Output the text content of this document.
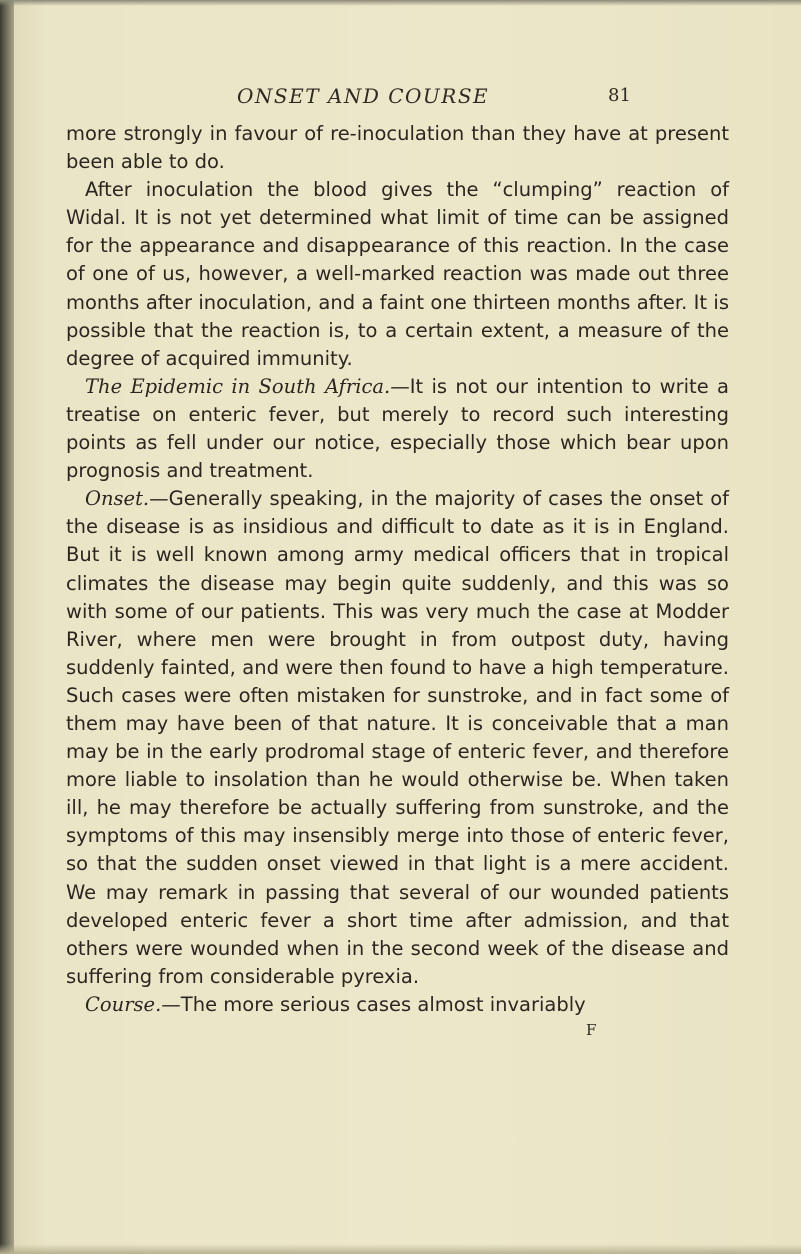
ONSET AND COURSE	81

more strongly in favour of re-inoculation than they have at present been able to do.

After inoculation the blood gives the “clumping” reaction of Widal. It is not yet determined what limit of time can be assigned for the appearance and disappearance of this reaction. In the case of one of us, however, a well-marked reaction was made out three months after inoculation, and a faint one thirteen months after. It is possible that the reaction is, to a certain extent, a measure of the degree of acquired immunity.

The Epidemic in South Africa.—It is not our intention to write a treatise on enteric fever, but merely to record such interesting points as fell under our notice, especially those which bear upon prognosis and treatment.

Onset.—Generally speaking, in the majority of cases the onset of the disease is as insidious and difficult to date as it is in England. But it is well known among army medical officers that in tropical climates the disease may begin quite suddenly, and this was so with some of our patients. This was very much the case at Modder River, where men were brought in from outpost duty, having suddenly fainted, and were then found to have a high temperature. Such cases were often mistaken for sunstroke, and in fact some of them may have been of that nature. It is conceivable that a man may be in the early prodromal stage of enteric fever, and therefore more liable to insolation than he would otherwise be. When taken ill, he may therefore be actually suffering from sunstroke, and the symptoms of this may insensibly merge into those of enteric fever, so that the sudden onset viewed in that light is a mere accident. We may remark in passing that several of our wounded patients developed enteric fever a short time after admission, and that others were wounded when in the second week of the disease and suffering from considerable pyrexia.

Course.—The more serious cases almost invariably

F
